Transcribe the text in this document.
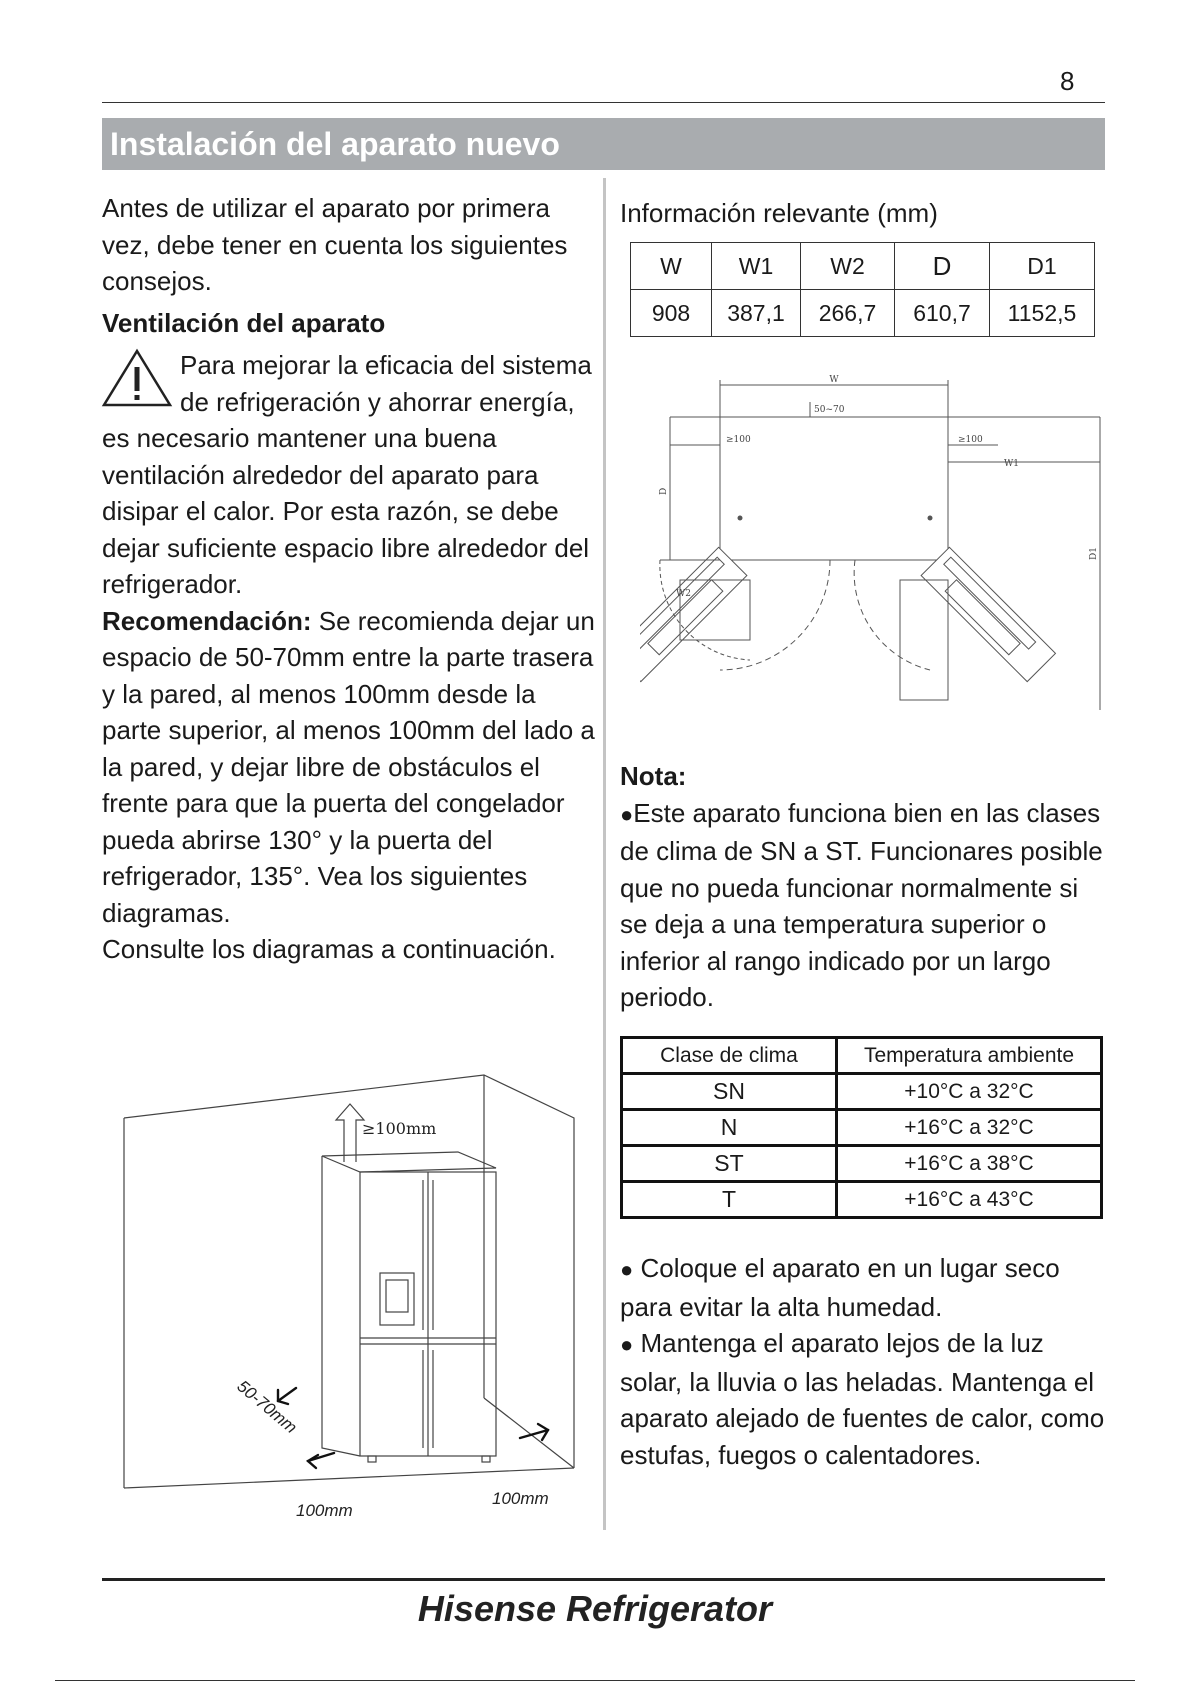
8
Instalación del aparato nuevo

Antes de utilizar el aparato por primera vez, debe tener en cuenta los siguientes consejos.

Ventilación del aparato

Para mejorar la eficacia del sistema de refrigeración y ahorrar energía, es necesario mantener una buena ventilación alrededor del aparato para disipar el calor. Por esta razón, se debe dejar suficiente espacio libre alrededor del refrigerador.

Recomendación: Se recomienda dejar un espacio de 50-70mm entre la parte trasera y la pared, al menos 100mm desde la parte superior, al menos 100mm del lado a la pared, y dejar libre de obstáculos el frente para que la puerta del congelador pueda abrirse 130° y la puerta del refrigerador, 135°. Vea los siguientes diagramas.

Consulte los diagramas a continuación.

Información relevante (mm)

W	W1	W2	D	D1
908	387,1	266,7	610,7	1152,5
W
50~70
≥100	≥100
W1
W2
D
D1

Nota:

●Este aparato funciona bien en las clases de clima de SN a ST. Funcionares posible que no pueda funcionar normalmente si se deja a una temperatura superior o inferior al rango indicado por un largo periodo.

Clase de clima	Temperatura ambiente
SN	+10°C a 32°C
N	+16°C a 32°C
ST	+16°C a 38°C
T	+16°C a 43°C

● Coloque el aparato en un lugar seco para evitar la alta humedad.

● Mantenga el aparato lejos de la luz solar, la lluvia o las heladas. Mantenga el aparato alejado de fuentes de calor, como estufas, fuegos o calentadores.

≥100mm
50-70mm
100mm
100mm
Hisense Refrigerator
